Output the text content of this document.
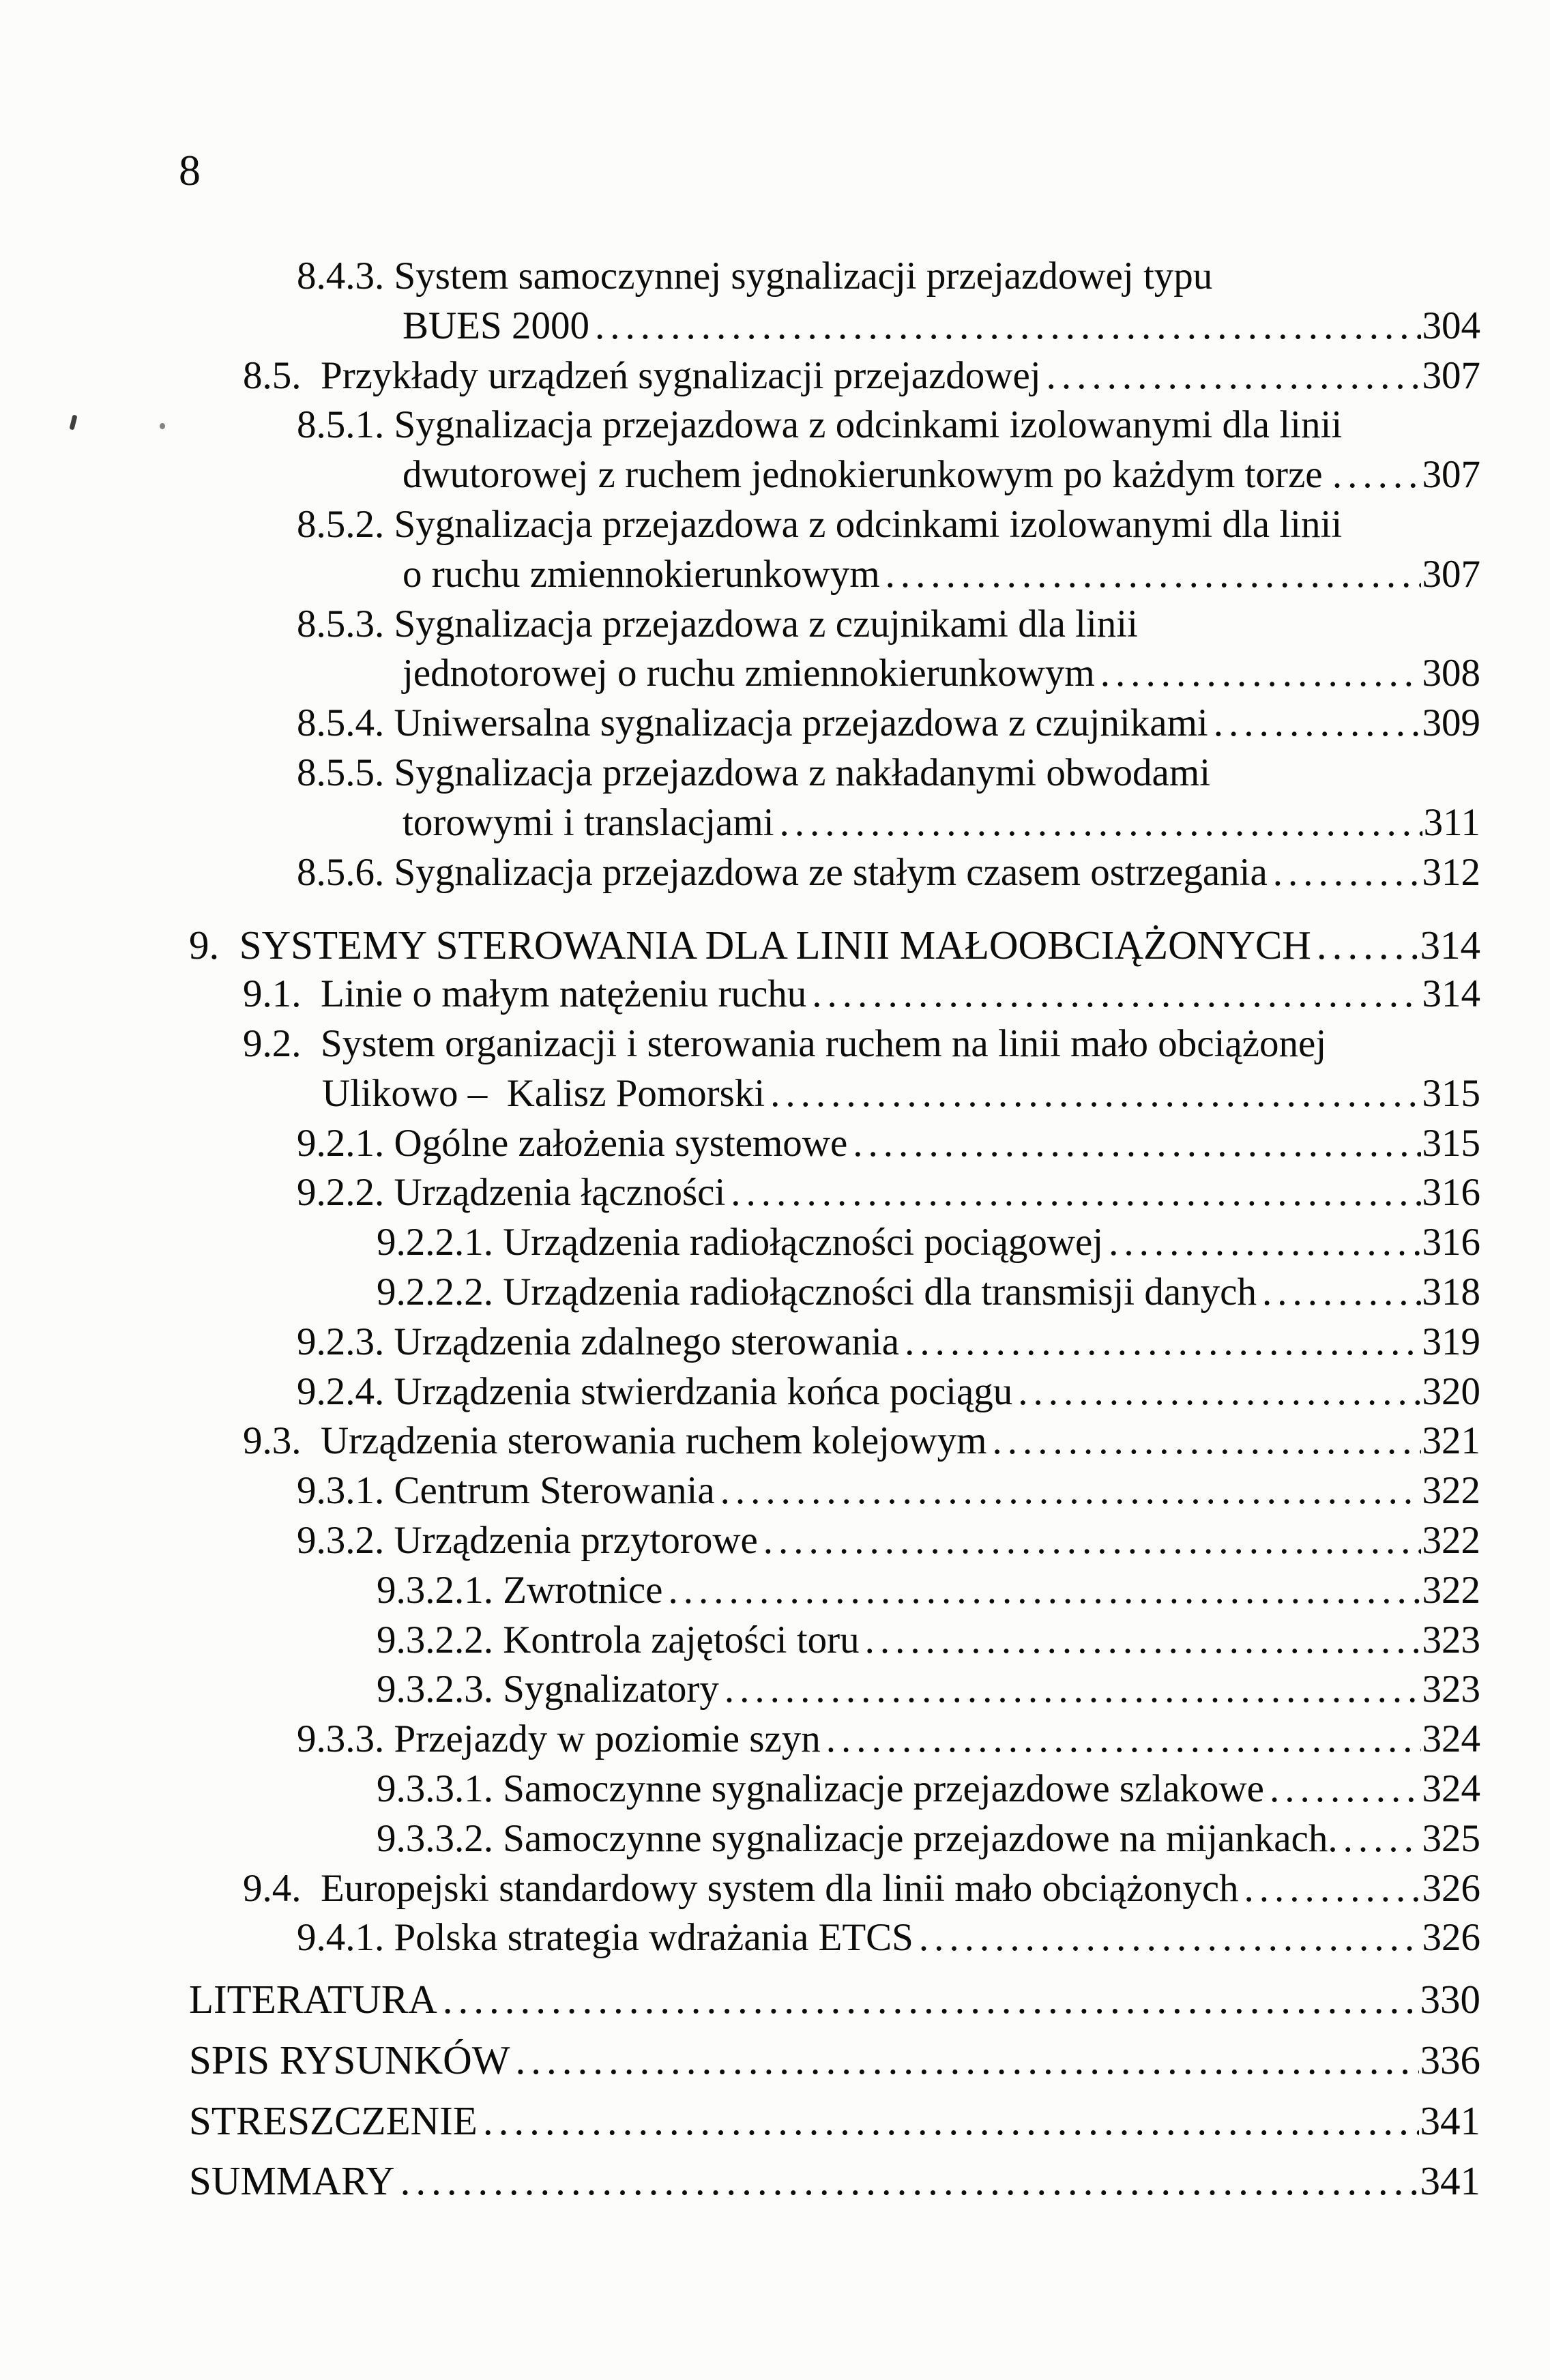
8
8.4.3. System samoczynnej sygnalizacji przejazdowej typu
BUES 2000 .....	304
8.5.  Przykłady urządzeń sygnalizacji przejazdowej .....	307
8.5.1. Sygnalizacja przejazdowa z odcinkami izolowanymi dla linii
dwutorowej z ruchem jednokierunkowym po każdym torze . ..... 307
8.5.2. Sygnalizacja przejazdowa z odcinkami izolowanymi dla linii
o ruchu zmiennokierunkowym .....	307
8.5.3. Sygnalizacja przejazdowa z czujnikami dla linii
jednotorowej o ruchu zmiennokierunkowym .....	308
8.5.4. Uniwersalna sygnalizacja przejazdowa z czujnikami .....	309
8.5.5. Sygnalizacja przejazdowa z nakładanymi obwodami
torowymi i translacjami .....	311
8.5.6. Sygnalizacja przejazdowa ze stałym czasem ostrzegania .....	312
9.  SYSTEMY STEROWANIA DLA LINII MAŁOOBCIĄŻONYCH .....	314
9.1.  Linie o małym natężeniu ruchu .....	314
9.2.  System organizacji i sterowania ruchem na linii mało obciążonej
Ulikowo –  Kalisz Pomorski .....	315
9.2.1. Ogólne założenia systemowe .....	315
9.2.2. Urządzenia łączności .....	316
9.2.2.1. Urządzenia radiołączności pociągowej .....	316
9.2.2.2. Urządzenia radiołączności dla transmisji danych .....	318
9.2.3. Urządzenia zdalnego sterowania .....	319
9.2.4. Urządzenia stwierdzania końca pociągu .....	320
9.3.  Urządzenia sterowania ruchem kolejowym .....	321
9.3.1. Centrum Sterowania .....	322
9.3.2. Urządzenia przytorowe .....	322
9.3.2.1. Zwrotnice .....	322
9.3.2.2. Kontrola zajętości toru .....	323
9.3.2.3. Sygnalizatory .....	323
9.3.3. Przejazdy w poziomie szyn .....	324
9.3.3.1. Samoczynne sygnalizacje przejazdowe szlakowe .....	324
9.3.3.2. Samoczynne sygnalizacje przejazdowe na mijankach. ..... 325
9.4.  Europejski standardowy system dla linii mało obciążonych .....	326
9.4.1. Polska strategia wdrażania ETCS .....	326
LITERATURA .....	330
SPIS RYSUNKÓW .....	336
STRESZCZENIE .....	341
SUMMARY .....	341
